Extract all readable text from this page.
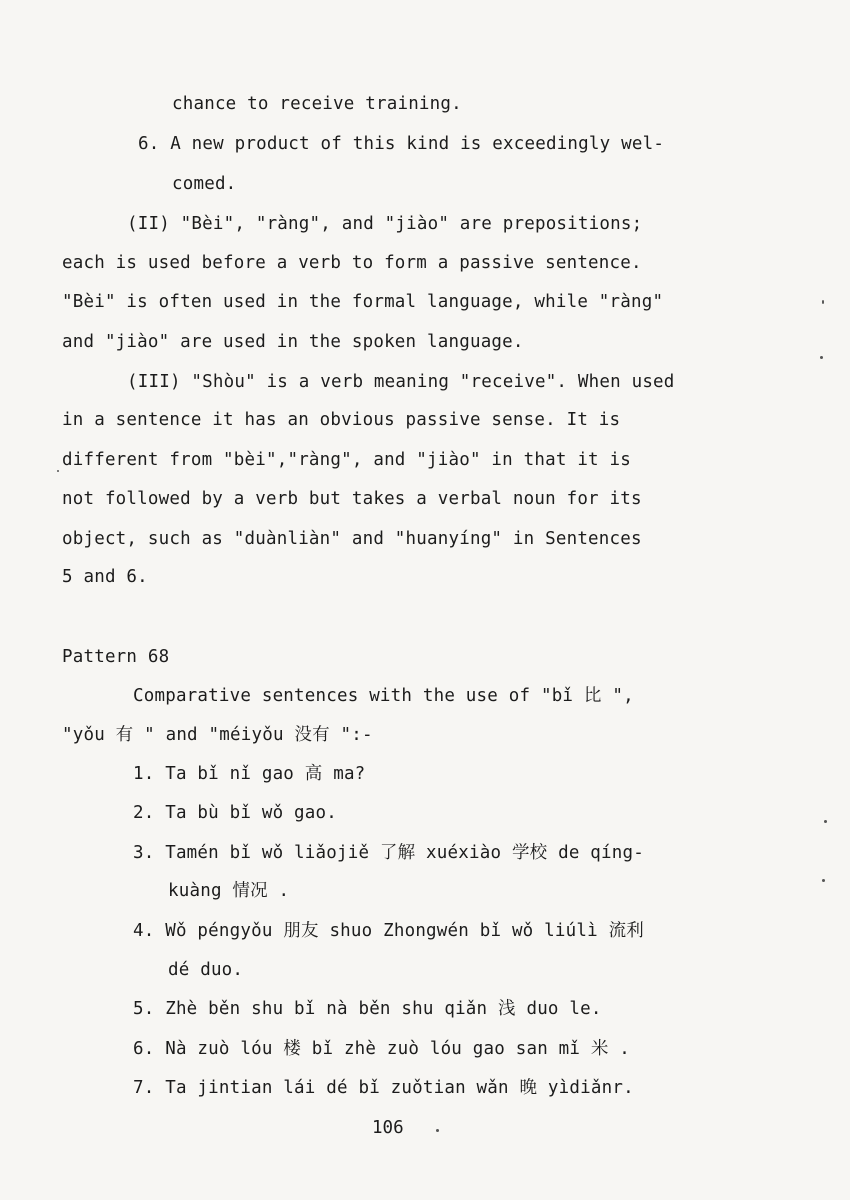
chance to receive training.
6. A new product of this kind is exceedingly wel-
comed.
(II) "Bèi", "ràng", and "jiào" are prepositions;
each is used before a verb to form a passive sentence.
"Bèi" is often used in the formal language, while "ràng"
and "jiào" are used in the spoken language.
(III) "Shòu" is a verb meaning "receive". When used
in a sentence it has an obvious passive sense. It is
different from "bèi","ràng", and "jiào" in that it is
not followed by a verb but takes a verbal noun for its
object, such as "duànliàn" and "huanyíng" in Sentences
5 and 6.
Pattern 68
Comparative sentences with the use of "bǐ 比 ",
"yǒu 有 " and "méiyǒu 没有 ":-
1. Ta bǐ nǐ gao 高 ma?
2. Ta bù bǐ wǒ gao.
3. Tamén bǐ wǒ liǎojiě 了解 xuéxiào 学校 de qíng-
kuàng 情况 .
4. Wǒ péngyǒu 朋友 shuo Zhongwén bǐ wǒ liúlì 流利
dé duo.
5. Zhè běn shu bǐ nà běn shu qiǎn 浅 duo le.
6. Nà zuò lóu 楼 bǐ zhè zuò lóu gao san mǐ 米 .
7. Ta jintian lái dé bǐ zuǒtian wǎn 晚 yìdiǎnr.
106
